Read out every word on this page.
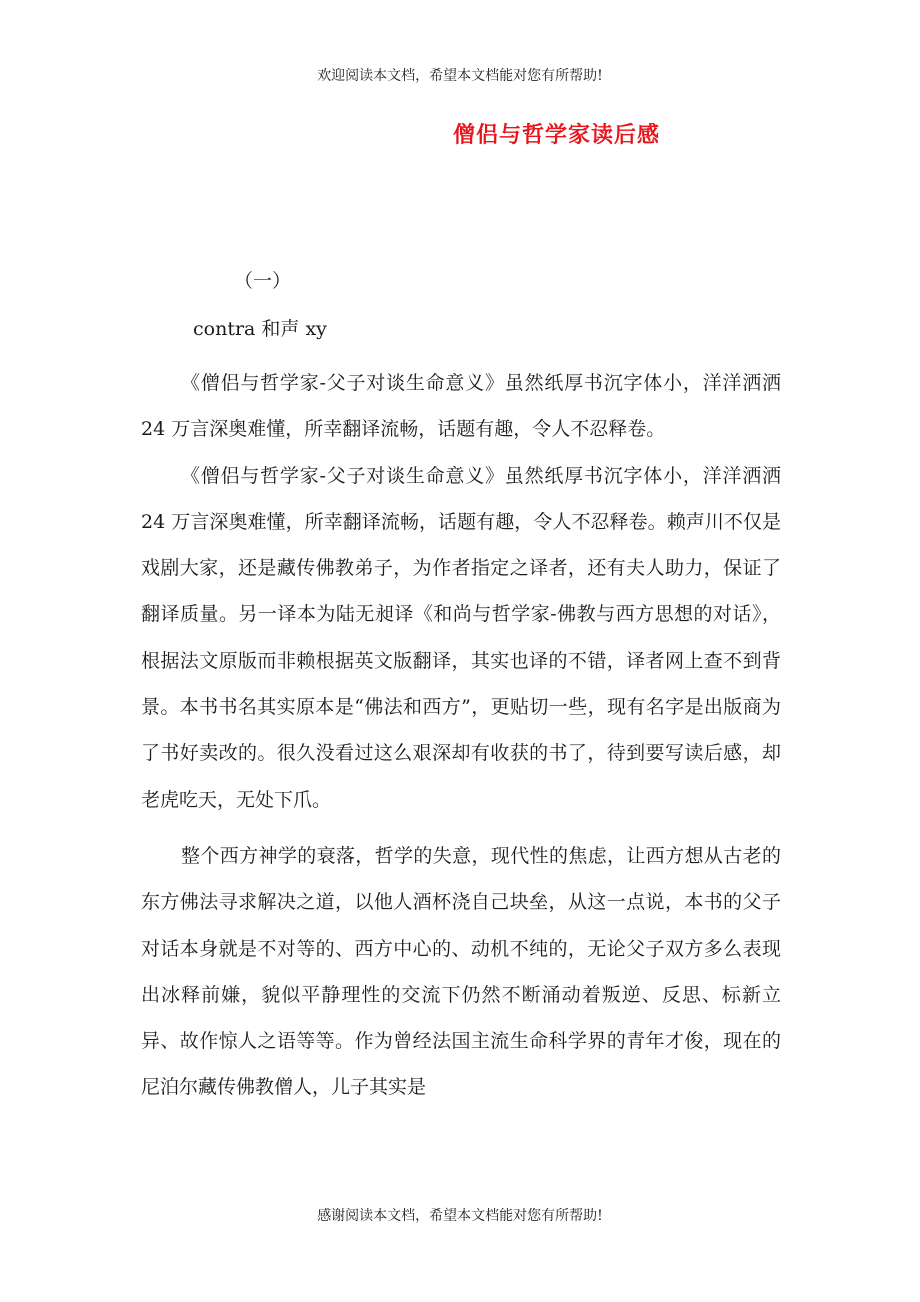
欢迎阅读本文档，希望本文档能对您有所帮助!
僧侣与哲学家读后感
（一）
contra 和声 xy

《僧侣与哲学家-父子对谈生命意义》虽然纸厚书沉字体小，洋洋洒洒 24 万言深奥难懂，所幸翻译流畅，话题有趣，令人不忍释卷。

《僧侣与哲学家-父子对谈生命意义》虽然纸厚书沉字体小，洋洋洒洒 24 万言深奥难懂，所幸翻译流畅，话题有趣，令人不忍释卷。赖声川不仅是戏剧大家，还是藏传佛教弟子，为作者指定之译者，还有夫人助力，保证了翻译质量。另一译本为陆无昶译《和尚与哲学家-佛教与西方思想的对话》，根据法文原版而非赖根据英文版翻译，其实也译的不错，译者网上查不到背景。本书书名其实原本是“佛法和西方”，更贴切一些，现有名字是出版商为了书好卖改的。很久没看过这么艰深却有收获的书了，待到要写读后感，却老虎吃天，无处下爪。

整个西方神学的衰落，哲学的失意，现代性的焦虑，让西方想从古老的东方佛法寻求解决之道，以他人酒杯浇自己块垒，从这一点说，本书的父子对话本身就是不对等的、西方中心的、动机不纯的，无论父子双方多么表现出冰释前嫌，貌似平静理性的交流下仍然不断涌动着叛逆、反思、标新立异、故作惊人之语等等。作为曾经法国主流生命科学界的青年才俊，现在的尼泊尔藏传佛教僧人，儿子其实是

感谢阅读本文档，希望本文档能对您有所帮助!
